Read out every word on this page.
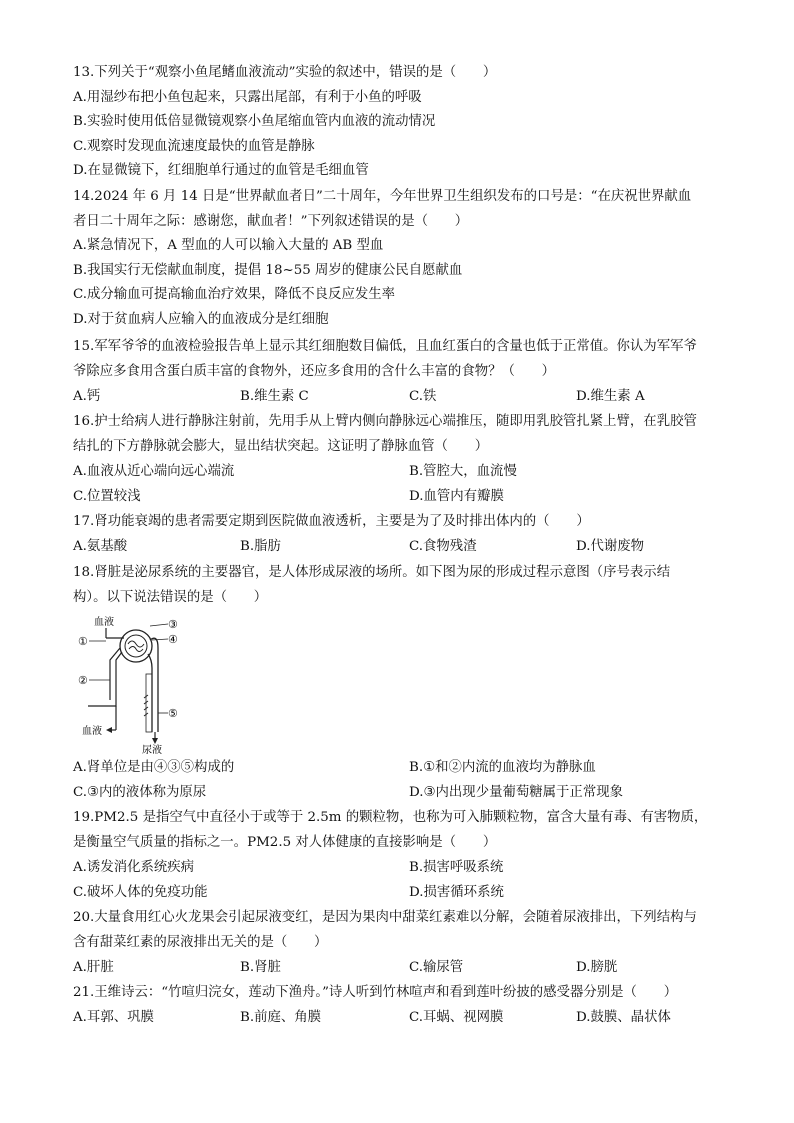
13.下列关于“观察小鱼尾鳍血液流动”实验的叙述中，错误的是（　　）
A.用湿纱布把小鱼包起来，只露出尾部，有利于小鱼的呼吸
B.实验时使用低倍显微镜观察小鱼尾缩血管内血液的流动情况
C.观察时发现血流速度最快的血管是静脉
D.在显微镜下，红细胞单行通过的血管是毛细血管
14.2024 年 6 月 14 日是“世界献血者日”二十周年，今年世界卫生组织发布的口号是：“在庆祝世界献血
者日二十周年之际：感谢您，献血者！”下列叙述错误的是（　　）
A.紧急情况下，A 型血的人可以输入大量的 AB 型血
B.我国实行无偿献血制度，提倡 18~55 周岁的健康公民自愿献血
C.成分输血可提高输血治疗效果，降低不良反应发生率
D.对于贫血病人应输入的血液成分是红细胞
15.军军爷爷的血液检验报告单上显示其红细胞数目偏低，且血红蛋白的含量也低于正常值。你认为军军爷
爷除应多食用含蛋白质丰富的食物外，还应多食用的含什么丰富的食物？（　　）
A.钙	B.维生素 C	C.铁	D.维生素 A
16.护士给病人进行静脉注射前，先用手从上臂内侧向静脉远心端推压，随即用乳胶管扎紧上臂，在乳胶管
结扎的下方静脉就会膨大，显出结状突起。这证明了静脉血管（　　）
A.血液从近心端向远心端流	B.管腔大，血流慢
C.位置较浅	D.血管内有瓣膜
17.肾功能衰竭的患者需要定期到医院做血液透析，主要是为了及时排出体内的（　　）
A.氨基酸	B.脂肪	C.食物残渣	D.代谢废物
18.肾脏是泌尿系统的主要器官，是人体形成尿液的场所。如下图为尿的形成过程示意图（序号表示结
构）。以下说法错误的是（　　）
血液
①
②
③
④
⑤
血液
尿液
A.肾单位是由④③⑤构成的	B.①和②内流的血液均为静脉血
C.③内的液体称为原尿	D.③内出现少量葡萄糖属于正常现象
19.PM2.5 是指空气中直径小于或等于 2.5m 的颗粒物，也称为可入肺颗粒物，富含大量有毒、有害物质，
是衡量空气质量的指标之一。PM2.5 对人体健康的直接影响是（　　）
A.诱发消化系统疾病	B.损害呼吸系统
C.破坏人体的免疫功能	D.损害循环系统
20.大量食用红心火龙果会引起尿液变红，是因为果肉中甜菜红素难以分解，会随着尿液排出，下列结构与
含有甜菜红素的尿液排出无关的是（　　）
A.肝脏	B.肾脏	C.输尿管	D.膀胱
21.王维诗云：“竹喧归浣女，莲动下渔舟。”诗人听到竹林喧声和看到莲叶纷披的感受器分别是（　　）
A.耳郭、巩膜	B.前庭、角膜	C.耳蜗、视网膜	D.鼓膜、晶状体
